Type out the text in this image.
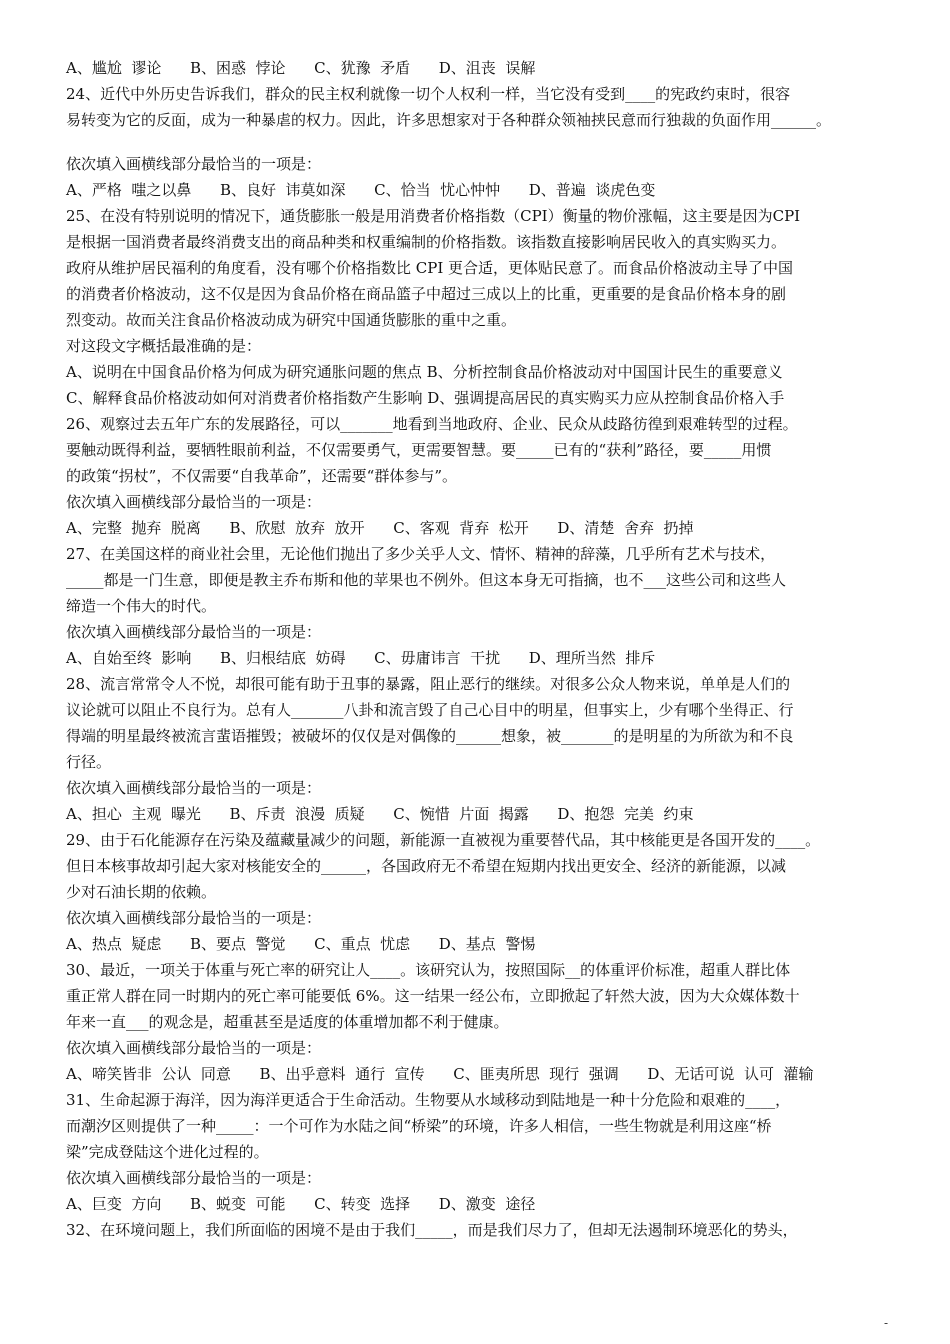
A、尴尬  谬论      B、困惑  悖论      C、犹豫  矛盾      D、沮丧  误解

24、近代中外历史告诉我们，群众的民主权利就像一切个人权利一样，当它没有受到____的宪政约束时，很容

易转变为它的反面，成为一种暴虐的权力。因此，许多思想家对于各种群众领袖挟民意而行独裁的负面作用______。

依次填入画横线部分最恰当的一项是：

A、严格  嗤之以鼻      B、良好  讳莫如深      C、恰当  忧心忡忡      D、普遍  谈虎色变

25、在没有特别说明的情况下，通货膨胀一般是用消费者价格指数（CPI）衡量的物价涨幅，这主要是因为CPI

是根据一国消费者最终消费支出的商品种类和权重编制的价格指数。该指数直接影响居民收入的真实购买力。

政府从维护居民福利的角度看，没有哪个价格指数比 CPI 更合适，更体贴民意了。而食品价格波动主导了中国

的消费者价格波动，这不仅是因为食品价格在商品篮子中超过三成以上的比重，更重要的是食品价格本身的剧

烈变动。故而关注食品价格波动成为研究中国通货膨胀的重中之重。

对这段文字概括最准确的是：

A、说明在中国食品价格为何成为研究通胀问题的焦点 B、分析控制食品价格波动对中国国计民生的重要意义

C、解释食品价格波动如何对消费者价格指数产生影响 D、强调提高居民的真实购买力应从控制食品价格入手

26、观察过去五年广东的发展路径，可以_______地看到当地政府、企业、民众从歧路彷徨到艰难转型的过程。

要触动既得利益，要牺牲眼前利益，不仅需要勇气，更需要智慧。要_____已有的“获利”路径，要_____用惯

的政策“拐杖”，不仅需要“自我革命”，还需要“群体参与”。

依次填入画横线部分最恰当的一项是：

A、完整  抛弃  脱离      B、欣慰  放弃  放开      C、客观  背弃  松开      D、清楚  舍弃  扔掉

27、在美国这样的商业社会里，无论他们抛出了多少关乎人文、情怀、精神的辞藻，几乎所有艺术与技术，

_____都是一门生意，即便是教主乔布斯和他的苹果也不例外。但这本身无可指摘，也不___这些公司和这些人

缔造一个伟大的时代。

依次填入画横线部分最恰当的一项是：

A、自始至终  影响      B、归根结底  妨碍      C、毋庸讳言  干扰      D、理所当然  排斥

28、流言常常令人不悦，却很可能有助于丑事的暴露，阻止恶行的继续。对很多公众人物来说，单单是人们的

议论就可以阻止不良行为。总有人_______八卦和流言毁了自己心目中的明星，但事实上，少有哪个坐得正、行

得端的明星最终被流言蜚语摧毁；被破坏的仅仅是对偶像的______想象，被_______的是明星的为所欲为和不良

行径。

依次填入画横线部分最恰当的一项是：

A、担心  主观  曝光      B、斥责  浪漫  质疑      C、惋惜  片面  揭露      D、抱怨  完美  约束

29、由于石化能源存在污染及蕴藏量减少的问题，新能源一直被视为重要替代品，其中核能更是各国开发的____。

但日本核事故却引起大家对核能安全的______，各国政府无不希望在短期内找出更安全、经济的新能源，以减

少对石油长期的依赖。

依次填入画横线部分最恰当的一项是：

A、热点  疑虑      B、要点  警觉      C、重点  忧虑      D、基点  警惕

30、最近，一项关于体重与死亡率的研究让人____。该研究认为，按照国际__的体重评价标准，超重人群比体

重正常人群在同一时期内的死亡率可能要低 6%。这一结果一经公布，立即掀起了轩然大波，因为大众媒体数十

年来一直___的观念是，超重甚至是适度的体重增加都不利于健康。

依次填入画横线部分最恰当的一项是：

A、啼笑皆非  公认  同意      B、出乎意料  通行  宣传      C、匪夷所思  现行  强调      D、无话可说  认可  灌输

31、生命起源于海洋，因为海洋更适合于生命活动。生物要从水域移动到陆地是一种十分危险和艰难的____，

而潮汐区则提供了一种_____：一个可作为水陆之间“桥梁”的环境，许多人相信，一些生物就是利用这座“桥

梁”完成登陆这个进化过程的。

依次填入画横线部分最恰当的一项是：

A、巨变  方向      B、蜕变  可能      C、转变  选择      D、激变  途径

32、在环境问题上，我们所面临的困境不是由于我们_____，而是我们尽力了，但却无法遏制环境恶化的势头，

-
